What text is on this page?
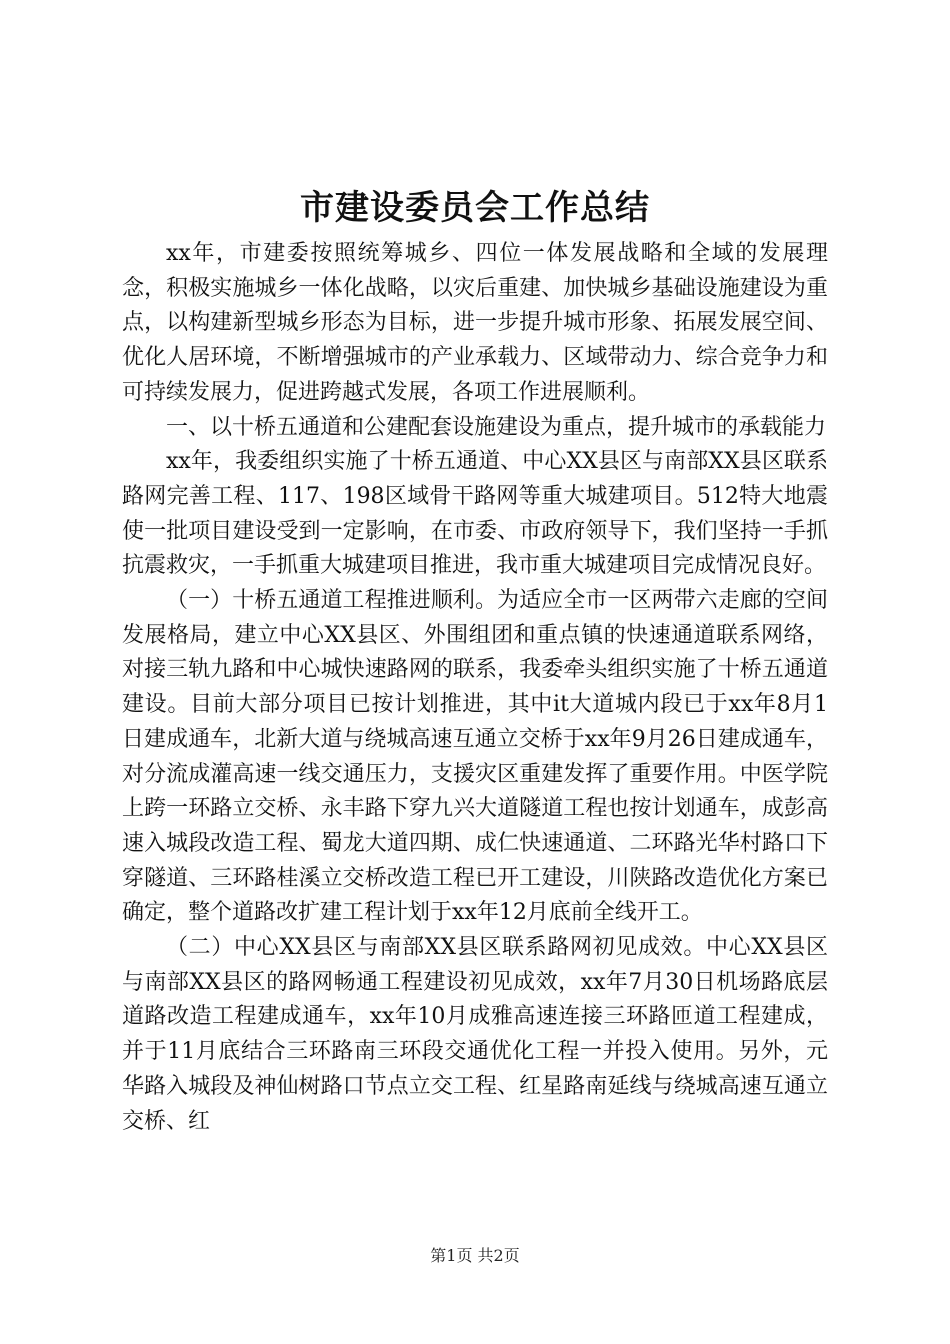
市建设委员会工作总结

xx年，市建委按照统筹城乡、四位一体发展战略和全域的发展理念，积极实施城乡一体化战略，以灾后重建、加快城乡基础设施建设为重点，以构建新型城乡形态为目标，进一步提升城市形象、拓展发展空间、优化人居环境，不断增强城市的产业承载力、区域带动力、综合竞争力和可持续发展力，促进跨越式发展，各项工作进展顺利。

一、以十桥五通道和公建配套设施建设为重点，提升城市的承载能力

xx年，我委组织实施了十桥五通道、中心XX县区与南部XX县区联系路网完善工程、117、198区域骨干路网等重大城建项目。512特大地震使一批项目建设受到一定影响，在市委、市政府领导下，我们坚持一手抓抗震救灾，一手抓重大城建项目推进，我市重大城建项目完成情况良好。

（一）十桥五通道工程推进顺利。为适应全市一区两带六走廊的空间发展格局，建立中心XX县区、外围组团和重点镇的快速通道联系网络，对接三轨九路和中心城快速路网的联系，我委牵头组织实施了十桥五通道建设。目前大部分项目已按计划推进，其中it大道城内段已于xx年8月1日建成通车，北新大道与绕城高速互通立交桥于xx年9月26日建成通车，对分流成灌高速一线交通压力，支援灾区重建发挥了重要作用。中医学院上跨一环路立交桥、永丰路下穿九兴大道隧道工程也按计划通车，成彭高速入城段改造工程、蜀龙大道四期、成仁快速通道、二环路光华村路口下穿隧道、三环路桂溪立交桥改造工程已开工建设，川陕路改造优化方案已确定，整个道路改扩建工程计划于xx年12月底前全线开工。

（二）中心XX县区与南部XX县区联系路网初见成效。中心XX县区与南部XX县区的路网畅通工程建设初见成效，xx年7月30日机场路底层道路改造工程建成通车，xx年10月成雅高速连接三环路匝道工程建成，并于11月底结合三环路南三环段交通优化工程一并投入使用。另外，元华路入城段及神仙树路口节点立交工程、红星路南延线与绕城高速互通立交桥、红

第1页 共2页
